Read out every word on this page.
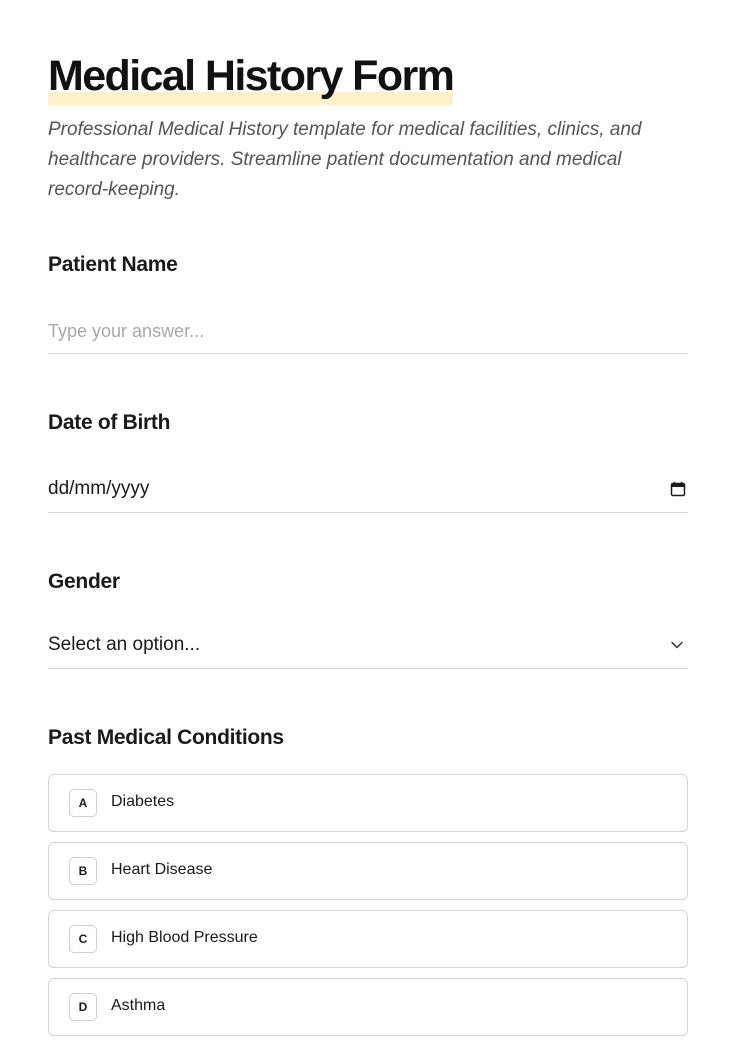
Medical History Form

Professional Medical History template for medical facilities, clinics, and healthcare providers. Streamline patient documentation and medical record-keeping.

Patient Name
Type your answer...
Date of Birth
dd/mm/yyyy
Gender
Select an option...
Past Medical Conditions
A	Diabetes
B	Heart Disease
C	High Blood Pressure
D	Asthma
